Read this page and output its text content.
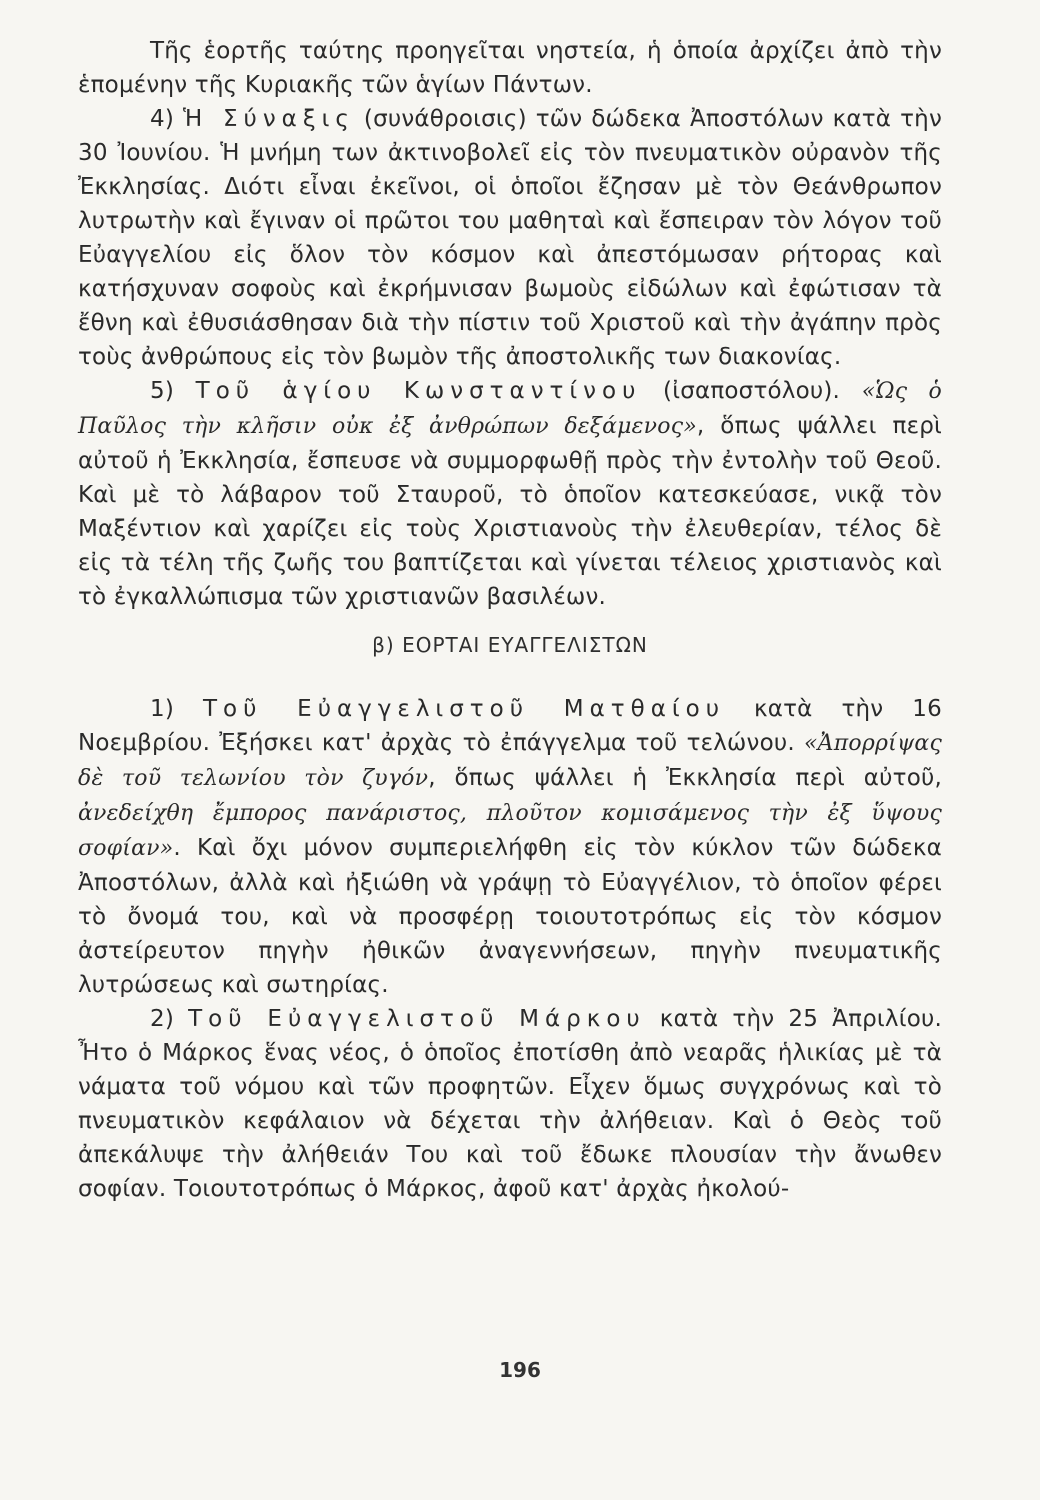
Τῆς ἑορτῆς ταύτης προηγεῖται νηστεία, ἡ ὁποία ἀρχίζει ἀπὸ τὴν ἑπομένην τῆς Κυριακῆς τῶν ἁγίων Πάντων.

4) Ἡ Σύναξις (συνάθροισις) τῶν δώδεκα Ἀποστόλων κατὰ τὴν 30 Ἰουνίου. Ἡ μνήμη των ἀκτινοβολεῖ εἰς τὸν πνευματικὸν οὐρανὸν τῆς Ἐκκλησίας. Διότι εἶναι ἐκεῖνοι, οἱ ὁποῖοι ἔζησαν μὲ τὸν Θεάνθρωπον λυτρωτὴν καὶ ἔγιναν οἱ πρῶτοι του μαθηταὶ καὶ ἔσπειραν τὸν λόγον τοῦ Εὐαγγελίου εἰς ὅλον τὸν κόσμον καὶ ἀπεστόμωσαν ρήτορας καὶ κατήσχυναν σοφοὺς καὶ ἐκρήμνισαν βωμοὺς εἰδώλων καὶ ἐφώτισαν τὰ ἔθνη καὶ ἐθυσιάσθησαν διὰ τὴν πίστιν τοῦ Χριστοῦ καὶ τὴν ἀγάπην πρὸς τοὺς ἀνθρώπους εἰς τὸν βωμὸν τῆς ἀποστολικῆς των διακονίας.

5) Τοῦ ἁγίου Κωνσταντίνου (ἰσαποστόλου). «Ὡς ὁ Παῦλος τὴν κλῆσιν οὐκ ἐξ ἀνθρώπων δεξάμενος», ὅπως ψάλλει περὶ αὐτοῦ ἡ Ἐκκλησία, ἔσπευσε νὰ συμμορφωθῇ πρὸς τὴν ἐντολὴν τοῦ Θεοῦ. Καὶ μὲ τὸ λάβαρον τοῦ Σταυροῦ, τὸ ὁποῖον κατεσκεύασε, νικᾷ τὸν Μαξέντιον καὶ χαρίζει εἰς τοὺς Χριστιανοὺς τὴν ἐλευθερίαν, τέλος δὲ εἰς τὰ τέλη τῆς ζωῆς του βαπτίζεται καὶ γίνεται τέλειος χριστιανὸς καὶ τὸ ἐγκαλλώπισμα τῶν χριστιανῶν βασιλέων.

β) ΕΟΡΤΑΙ ΕΥΑΓΓΕΛΙΣΤΩΝ

1) Τοῦ Εὐαγγελιστοῦ Ματθαίου κατὰ τὴν 16 Νοεμβρίου. Ἐξήσκει κατ' ἀρχὰς τὸ ἐπάγγελμα τοῦ τελώνου. «Ἀπορρίψας δὲ τοῦ τελωνίου τὸν ζυγόν, ὅπως ψάλλει ἡ Ἐκκλησία περὶ αὐτοῦ, ἀνεδείχθη ἔμπορος πανάριστος, πλοῦτον κομισάμενος τὴν ἐξ ὕψους σοφίαν». Καὶ ὄχι μόνον συμπεριελήφθη εἰς τὸν κύκλον τῶν δώδεκα Ἀποστόλων, ἀλλὰ καὶ ἠξιώθη νὰ γράψῃ τὸ Εὐαγγέλιον, τὸ ὁποῖον φέρει τὸ ὄνομά του, καὶ νὰ προσφέρῃ τοιουτοτρόπως εἰς τὸν κόσμον ἀστείρευτον πηγὴν ἠθικῶν ἀναγεννήσεων, πηγὴν πνευματικῆς λυτρώσεως καὶ σωτηρίας.

2) Τοῦ Εὐαγγελιστοῦ Μάρκου κατὰ τὴν 25 Ἀπριλίου. Ἦτο ὁ Μάρκος ἕνας νέος, ὁ ὁποῖος ἐποτίσθη ἀπὸ νεαρᾶς ἡλικίας μὲ τὰ νάματα τοῦ νόμου καὶ τῶν προφητῶν. Εἶχεν ὅμως συγχρόνως καὶ τὸ πνευματικὸν κεφάλαιον νὰ δέχεται τὴν ἀλήθειαν. Καὶ ὁ Θεὸς τοῦ ἀπεκάλυψε τὴν ἀλήθειάν Του καὶ τοῦ ἔδωκε πλουσίαν τὴν ἄνωθεν σοφίαν. Τοιουτοτρόπως ὁ Μάρκος, ἀφοῦ κατ' ἀρχὰς ἠκολού-

196
